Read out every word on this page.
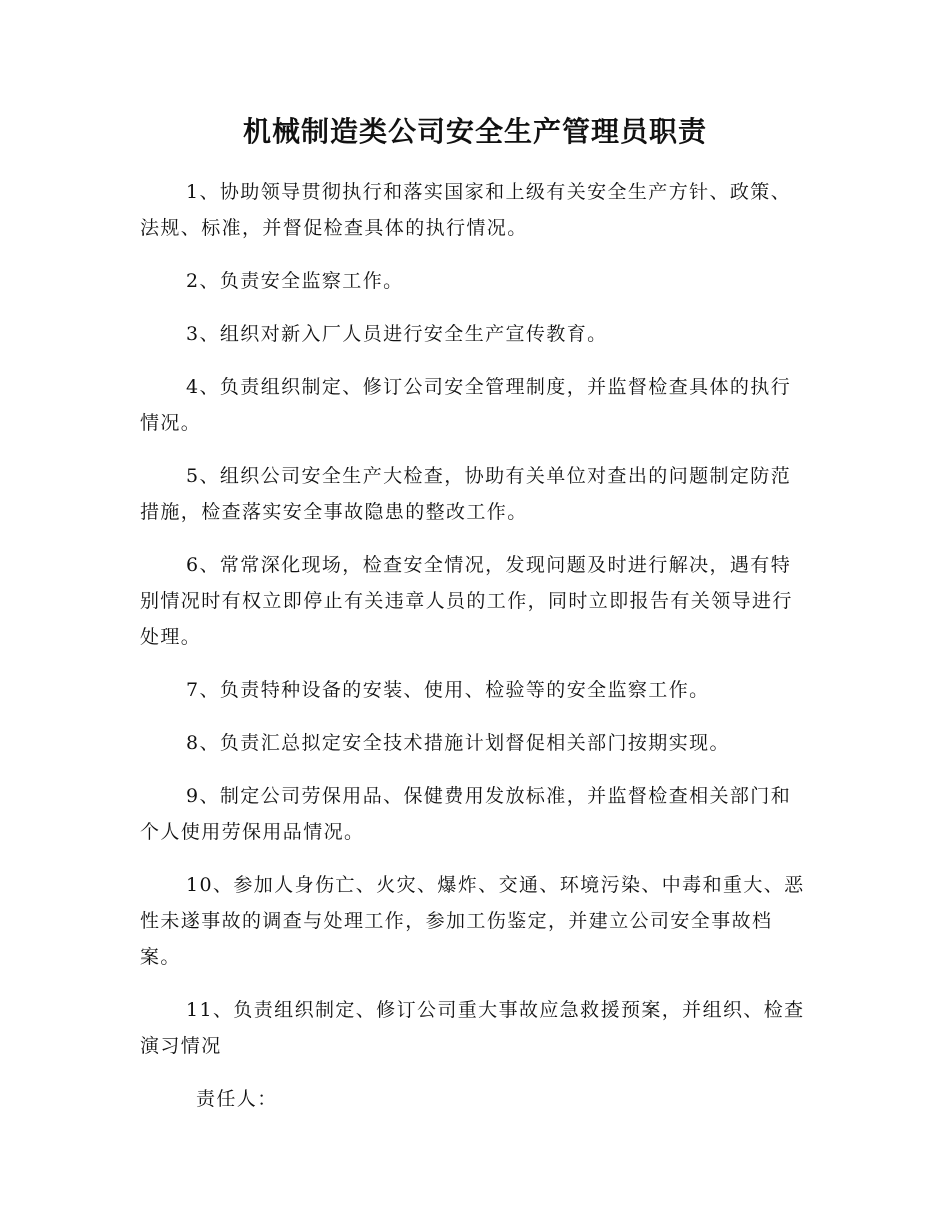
机械制造类公司安全生产管理员职责

1、协助领导贯彻执行和落实国家和上级有关安全生产方针、政策、法规、标准，并督促检查具体的执行情况。

2、负责安全监察工作。

3、组织对新入厂人员进行安全生产宣传教育。

4、负责组织制定、修订公司安全管理制度，并监督检查具体的执行情况。

5、组织公司安全生产大检查，协助有关单位对查出的问题制定防范措施，检查落实安全事故隐患的整改工作。

6、常常深化现场，检查安全情况，发现问题及时进行解决，遇有特别情况时有权立即停止有关违章人员的工作，同时立即报告有关领导进行处理。

7、负责特种设备的安装、使用、检验等的安全监察工作。

8、负责汇总拟定安全技术措施计划督促相关部门按期实现。

9、制定公司劳保用品、保健费用发放标准，并监督检查相关部门和个人使用劳保用品情况。

10、参加人身伤亡、火灾、爆炸、交通、环境污染、中毒和重大、恶性未遂事故的调查与处理工作，参加工伤鉴定，并建立公司安全事故档案。

11、负责组织制定、修订公司重大事故应急救援预案，并组织、检查演习情况

责任人：
